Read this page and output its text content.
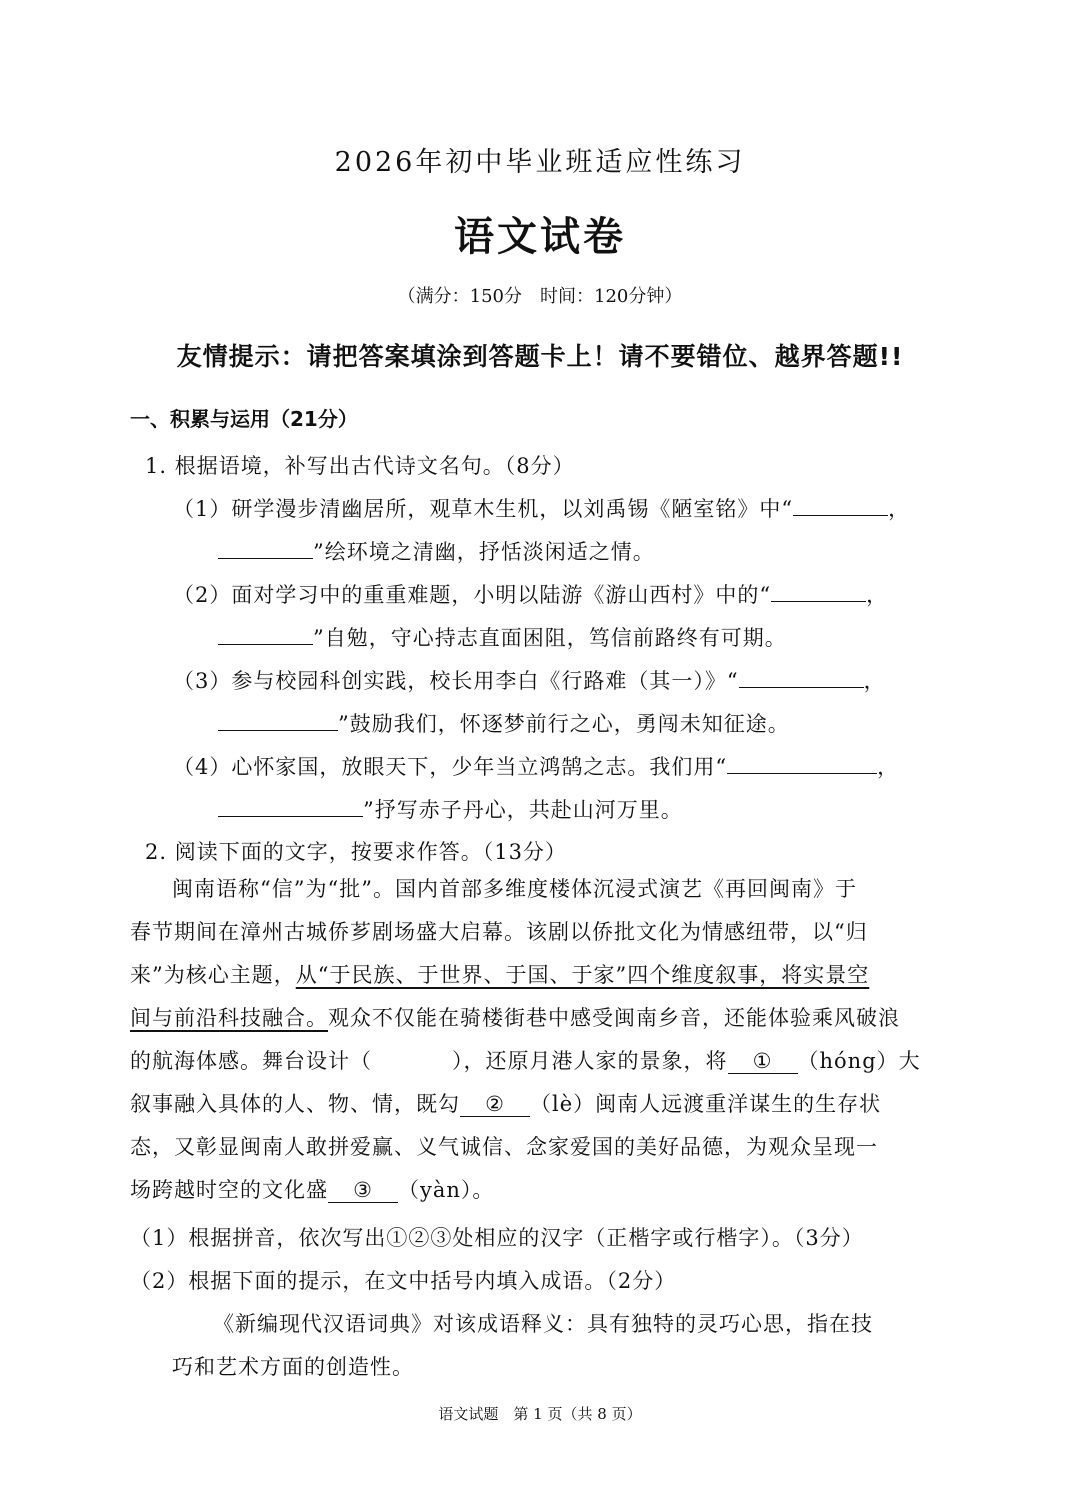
2026年初中毕业班适应性练习
语文试卷
（满分：150分　时间：120分钟）
友情提示：请把答案填涂到答题卡上！请不要错位、越界答题!!
一、积累与运用（21分）
1. 根据语境，补写出古代诗文名句。（8分）
（1）研学漫步清幽居所，观草木生机，以刘禹锡《陋室铭》中“	，
”绘环境之清幽，抒恬淡闲适之情。
（2）面对学习中的重重难题，小明以陆游《游山西村》中的“	，
”自勉，守心持志直面困阻，笃信前路终有可期。
（3）参与校园科创实践，校长用李白《行路难（其一）》“	，
”鼓励我们，怀逐梦前行之心，勇闯未知征途。
（4）心怀家国，放眼天下，少年当立鸿鹄之志。我们用“	，
”抒写赤子丹心，共赴山河万里。
2. 阅读下面的文字，按要求作答。（13分）
闽南语称“信”为“批”。国内首部多维度楼体沉浸式演艺《再回闽南》于
春节期间在漳州古城侨芗剧场盛大启幕。该剧以侨批文化为情感纽带，以“归
来”为核心主题，从“于民族、于世界、于国、于家”四个维度叙事，将实景空
间与前沿科技融合。观众不仅能在骑楼街巷中感受闽南乡音，还能体验乘风破浪
的航海体感。舞台设计（	），还原月港人家的景象，将 ① （hóng）大
叙事融入具体的人、物、情，既勾 ② （lè）闽南人远渡重洋谋生的生存状
态，又彰显闽南人敢拼爱赢、义气诚信、念家爱国的美好品德，为观众呈现一
场跨越时空的文化盛 ③ （yàn）。
（1）根据拼音，依次写出①②③处相应的汉字（正楷字或行楷字）。（3分）
（2）根据下面的提示，在文中括号内填入成语。（2分）
《新编现代汉语词典》对该成语释义：具有独特的灵巧心思，指在技
巧和艺术方面的创造性。
语文试题　第 1 页（共 8 页）
